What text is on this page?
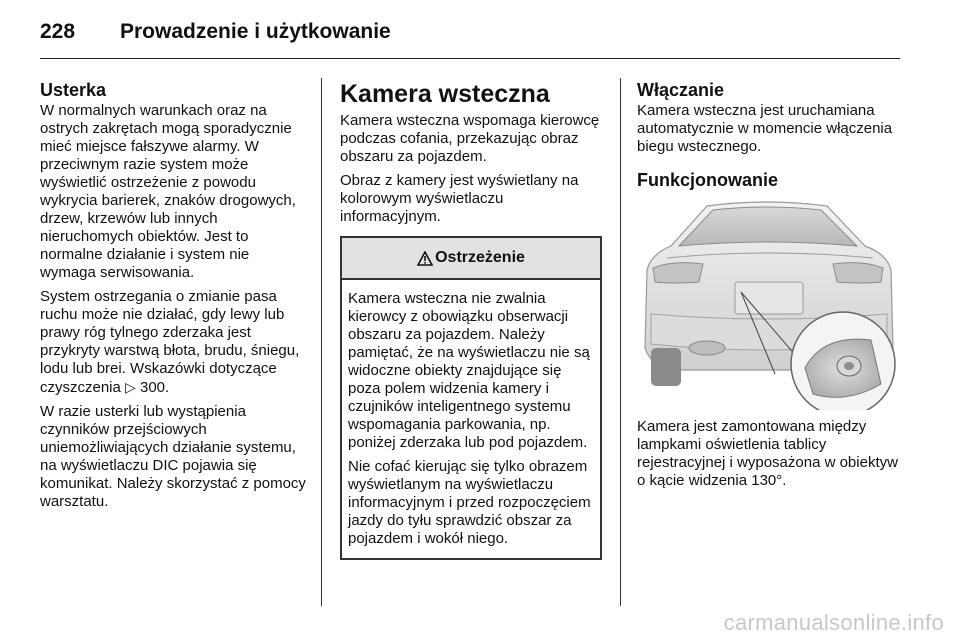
228 Prowadzenie i użytkowanie
Usterka

W normalnych warunkach oraz na ostrych zakrętach mogą sporadycznie mieć miejsce fałszywe alarmy. W przeciwnym razie system może wyświetlić ostrzeżenie z powodu wykrycia barierek, znaków drogowych, drzew, krzewów lub innych nieruchomych obiektów. Jest to normalne działanie i system nie wymaga serwisowania.

System ostrzegania o zmianie pasa ruchu może nie działać, gdy lewy lub prawy róg tylnego zderzaka jest przykryty warstwą błota, brudu, śniegu, lodu lub brei. Wskazówki dotyczące czyszczenia ▷ 300.

W razie usterki lub wystąpienia czynników przejściowych uniemożliwiających działanie systemu, na wyświetlaczu DIC pojawia się komunikat. Należy skorzystać z pomocy warsztatu.

Kamera wsteczna

Kamera wsteczna wspomaga kierowcę podczas cofania, przekazując obraz obszaru za pojazdem.

Obraz z kamery jest wyświetlany na kolorowym wyświetlaczu informacyjnym.

Ostrzeżenie

Kamera wsteczna nie zwalnia kierowcy z obowiązku obserwacji obszaru za pojazdem. Należy pamiętać, że na wyświetlaczu nie są widoczne obiekty znajdujące się poza polem widzenia kamery i czujników inteligentnego systemu wspomagania parkowania, np. poniżej zderzaka lub pod pojazdem.

Nie cofać kierując się tylko obrazem wyświetlanym na wyświetlaczu informacyjnym i przed rozpoczęciem jazdy do tyłu sprawdzić obszar za pojazdem i wokół niego.

Włączanie

Kamera wsteczna jest uruchamiana automatycznie w momencie włączenia biegu wstecznego.

Funkcjonowanie

Kamera jest zamontowana między lampkami oświetlenia tablicy rejestracyjnej i wyposażona w obiektyw o kącie widzenia 130°.

carmanualsonline.info
